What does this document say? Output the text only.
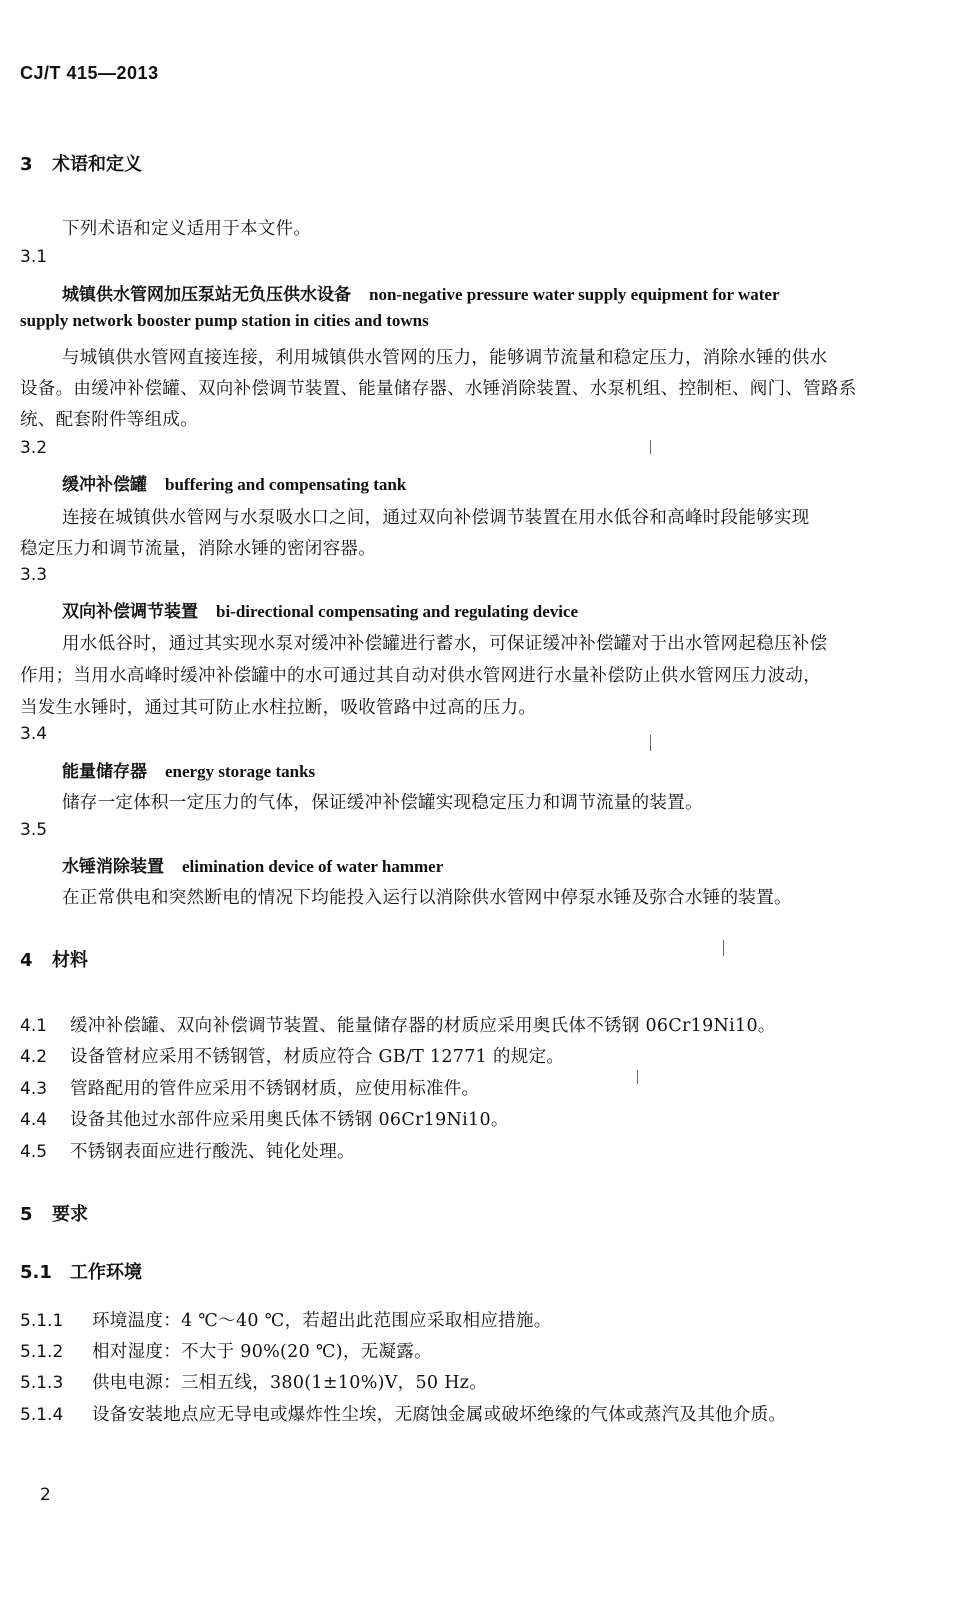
CJ/T 415—2013
3 术语和定义
下列术语和定义适用于本文件。
3.1
城镇供水管网加压泵站无负压供水设备 non-negative pressure water supply equipment for water
supply network booster pump station in cities and towns
与城镇供水管网直接连接，利用城镇供水管网的压力，能够调节流量和稳定压力，消除水锤的供水
设备。由缓冲补偿罐、双向补偿调节装置、能量储存器、水锤消除装置、水泵机组、控制柜、阀门、管路系
统、配套附件等组成。
3.2
缓冲补偿罐 buffering and compensating tank
连接在城镇供水管网与水泵吸水口之间，通过双向补偿调节装置在用水低谷和高峰时段能够实现
稳定压力和调节流量，消除水锤的密闭容器。
3.3
双向补偿调节装置 bi-directional compensating and regulating device
用水低谷时，通过其实现水泵对缓冲补偿罐进行蓄水，可保证缓冲补偿罐对于出水管网起稳压补偿
作用；当用水高峰时缓冲补偿罐中的水可通过其自动对供水管网进行水量补偿防止供水管网压力波动，
当发生水锤时，通过其可防止水柱拉断，吸收管路中过高的压力。
3.4
能量储存器 energy storage tanks
储存一定体积一定压力的气体，保证缓冲补偿罐实现稳定压力和调节流量的装置。
3.5
水锤消除装置 elimination device of water hammer
在正常供电和突然断电的情况下均能投入运行以消除供水管网中停泵水锤及弥合水锤的装置。
4 材料
4.1 缓冲补偿罐、双向补偿调节装置、能量储存器的材质应采用奥氏体不锈钢 06Cr19Ni10。
4.2 设备管材应采用不锈钢管，材质应符合 GB/T 12771 的规定。
4.3 管路配用的管件应采用不锈钢材质，应使用标准件。
4.4 设备其他过水部件应采用奥氏体不锈钢 06Cr19Ni10。
4.5 不锈钢表面应进行酸洗、钝化处理。
5 要求
5.1 工作环境
5.1.1 环境温度：4 ℃～40 ℃，若超出此范围应采取相应措施。
5.1.2 相对湿度：不大于 90%(20 ℃)，无凝露。
5.1.3 供电电源：三相五线，380(1±10%)V，50 Hz。
5.1.4 设备安装地点应无导电或爆炸性尘埃，无腐蚀金属或破坏绝缘的气体或蒸汽及其他介质。
2
